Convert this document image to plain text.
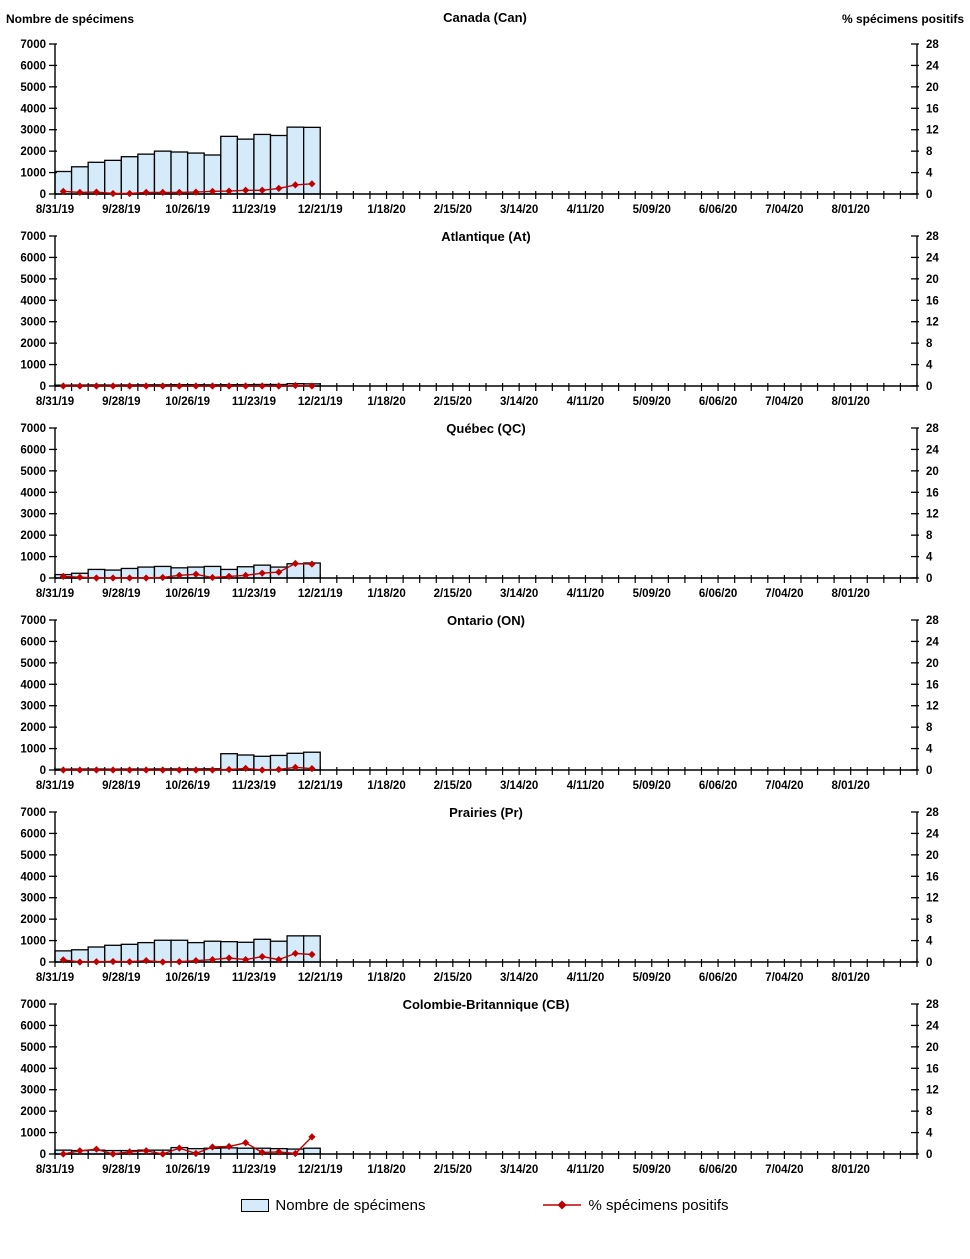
Nombre de spécimens	Canada (Can)	% spécimens positifs
0
1000
2000
3000
4000
5000
6000
7000
0
4
8
12
16
20
24
28
8/31/19 9/28/19 10/26/19 11/23/19 12/21/19 1/18/20 2/15/20 3/14/20 4/11/20 5/09/20 6/06/20 7/04/20 8/01/20
Atlantique (At)
0
1000
2000
3000
4000
5000
6000
7000
0
4
8
12
16
20
24
28
8/31/19 9/28/19 10/26/19 11/23/19 12/21/19 1/18/20 2/15/20 3/14/20 4/11/20 5/09/20 6/06/20 7/04/20 8/01/20
Québec (QC)
0
1000
2000
3000
4000
5000
6000
7000
0
4
8
12
16
20
24
28
8/31/19 9/28/19 10/26/19 11/23/19 12/21/19 1/18/20 2/15/20 3/14/20 4/11/20 5/09/20 6/06/20 7/04/20 8/01/20
Ontario (ON)
0
1000
2000
3000
4000
5000
6000
7000
0
4
8
12
16
20
24
28
8/31/19 9/28/19 10/26/19 11/23/19 12/21/19 1/18/20 2/15/20 3/14/20 4/11/20 5/09/20 6/06/20 7/04/20 8/01/20
Prairies (Pr)
0
1000
2000
3000
4000
5000
6000
7000
0
4
8
12
16
20
24
28
8/31/19 9/28/19 10/26/19 11/23/19 12/21/19 1/18/20 2/15/20 3/14/20 4/11/20 5/09/20 6/06/20 7/04/20 8/01/20
Colombie-Britannique (CB)
0
1000
2000
3000
4000
5000
6000
7000
0
4
8
12
16
20
24
28
8/31/19 9/28/19 10/26/19 11/23/19 12/21/19 1/18/20 2/15/20 3/14/20 4/11/20 5/09/20 6/06/20 7/04/20 8/01/20
Nombre de spécimens	% spécimens positifs
